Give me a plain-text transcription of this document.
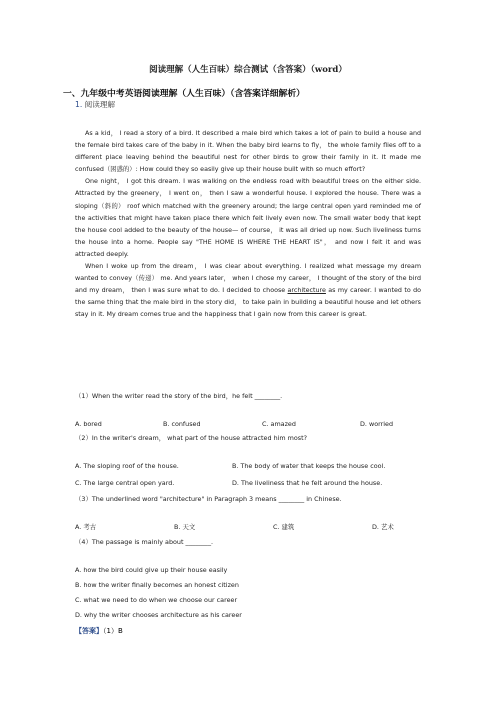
阅读理解（人生百味）综合测试（含答案）（word）
一、九年级中考英语阅读理解（人生百味）（含答案详细解析）
1. 阅读理解

As a kid， I read a story of a bird. It described a male bird which takes a lot of pain to build a house and the female bird takes care of the baby in it. When the baby bird learns to fly， the whole family flies off to a different place leaving behind the beautiful nest for other birds to grow their family in it. It made me confused（困惑的）: How could they so easily give up their house built with so much effort?

One night， I got this dream. I was walking on the endless road with beautiful trees on the either side. Attracted by the greenery， I went on， then I saw a wonderful house. I explored the house. There was a sloping（斜的） roof which matched with the greenery around; the large central open yard reminded me of the activities that might have taken place there which felt lively even now. The small water body that kept the house cool added to the beauty of the house— of course， it was all dried up now. Such liveliness turns the house into a home. People say "THE HOME IS WHERE THE HEART IS"， and now I felt it and was attracted deeply.

When I woke up from the dream， I was clear about everything. I realized what message my dream wanted to convey（传递） me. And years later， when I chose my career， I thought of the story of the bird and my dream， then I was sure what to do. I decided to choose architecture as my career. I wanted to do the same thing that the male bird in the story did， to take pain in building a beautiful house and let others stay in it. My dream comes true and the happiness that I gain now from this career is great.

（1）When the writer read the story of the bird，he felt ________.
A. bored	B. confused	C. amazed	D. worried
（2）In the writer's dream， what part of the house attracted him most?
A. The sloping roof of the house.	B. The body of water that keeps the house cool.
C. The large central open yard.	D. The liveliness that he felt around the house.
（3）The underlined word "architecture" in Paragraph 3 means ________ in Chinese.
A. 考古	B. 天文	C. 建筑	D. 艺术
（4）The passage is mainly about ________.
A. how the bird could give up their house easily
B. how the writer finally becomes an honest citizen
C. what we need to do when we choose our career
D. why the writer chooses architecture as his career
【答案】（1）B
